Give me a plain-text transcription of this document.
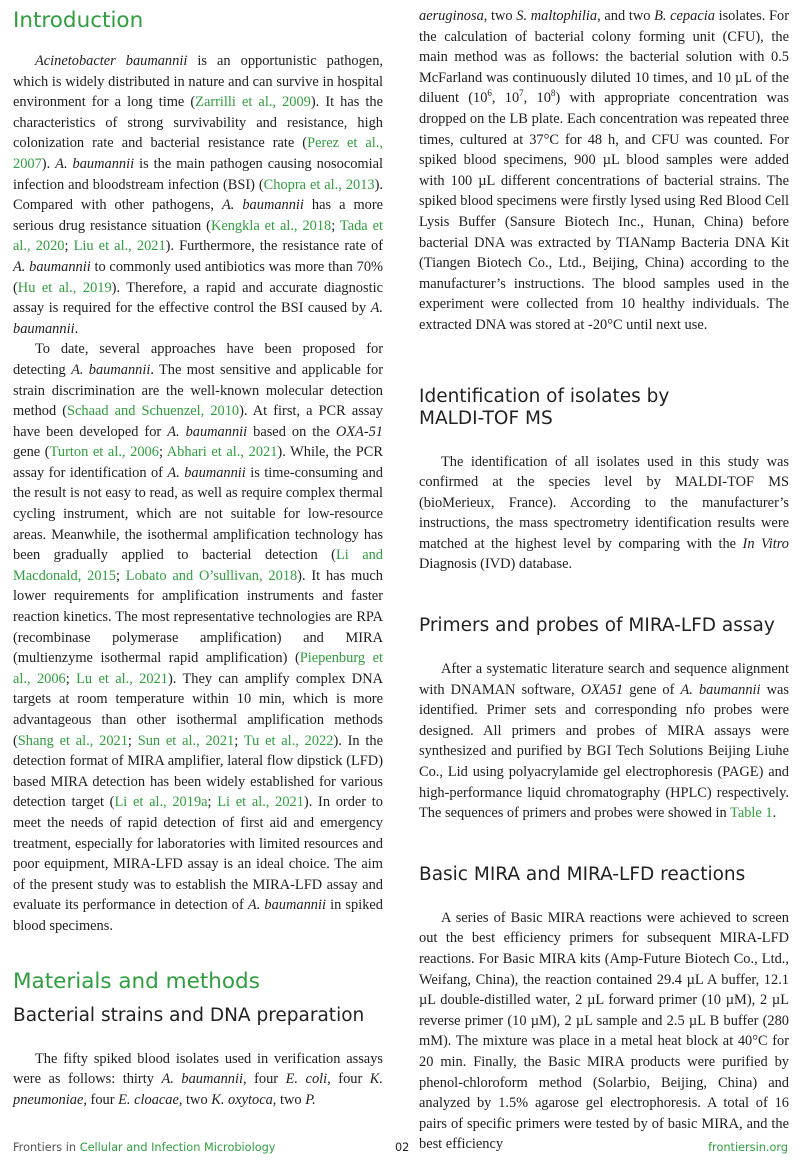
Introduction

Acinetobacter baumannii is an opportunistic pathogen, which is widely distributed in nature and can survive in hospital environment for a long time (Zarrilli et al., 2009). It has the characteristics of strong survivability and resistance, high colonization rate and bacterial resistance rate (Perez et al., 2007). A. baumannii is the main pathogen causing nosocomial infection and bloodstream infection (BSI) (Chopra et al., 2013). Compared with other pathogens, A. baumannii has a more serious drug resistance situation (Kengkla et al., 2018; Tada et al., 2020; Liu et al., 2021). Furthermore, the resistance rate of A. baumannii to commonly used antibiotics was more than 70% (Hu et al., 2019). Therefore, a rapid and accurate diagnostic assay is required for the effective control the BSI caused by A. baumannii.

To date, several approaches have been proposed for detecting A. baumannii. The most sensitive and applicable for strain discrimination are the well-known molecular detection method (Schaad and Schuenzel, 2010). At first, a PCR assay have been developed for A. baumannii based on the OXA-51 gene (Turton et al., 2006; Abhari et al., 2021). While, the PCR assay for identification of A. baumannii is time-consuming and the result is not easy to read, as well as require complex thermal cycling instrument, which are not suitable for low-resource areas. Meanwhile, the isothermal amplification technology has been gradually applied to bacterial detection (Li and Macdonald, 2015; Lobato and O’sullivan, 2018). It has much lower requirements for amplification instruments and faster reaction kinetics. The most representative technologies are RPA (recombinase polymerase amplification) and MIRA (multienzyme isothermal rapid amplification) (Piepenburg et al., 2006; Lu et al., 2021). They can amplify complex DNA targets at room temperature within 10 min, which is more advantageous than other isothermal amplification methods (Shang et al., 2021; Sun et al., 2021; Tu et al., 2022). In the detection format of MIRA amplifier, lateral flow dipstick (LFD) based MIRA detection has been widely established for various detection target (Li et al., 2019a; Li et al., 2021). In order to meet the needs of rapid detection of first aid and emergency treatment, especially for laboratories with limited resources and poor equipment, MIRA-LFD assay is an ideal choice. The aim of the present study was to establish the MIRA-LFD assay and evaluate its performance in detection of A. baumannii in spiked blood specimens.

Materials and methods
Bacterial strains and DNA preparation

The fifty spiked blood isolates used in verification assays were as follows: thirty A. baumannii, four E. coli, four K. pneumoniae, four E. cloacae, two K. oxytoca, two P.

aeruginosa, two S. maltophilia, and two B. cepacia isolates. For the calculation of bacterial colony forming unit (CFU), the main method was as follows: the bacterial solution with 0.5 McFarland was continuously diluted 10 times, and 10 µL of the diluent ($10^6$, $10^7$, $10^8$) with appropriate concentration was dropped on the LB plate. Each concentration was repeated three times, cultured at 37°C for 48 h, and CFU was counted. For spiked blood specimens, 900 µL blood samples were added with 100 µL different concentrations of bacterial strains. The spiked blood specimens were firstly lysed using Red Blood Cell Lysis Buffer (Sansure Biotech Inc., Hunan, China) before bacterial DNA was extracted by TIANamp Bacteria DNA Kit (Tiangen Biotech Co., Ltd., Beijing, China) according to the manufacturer’s instructions. The blood samples used in the experiment were collected from 10 healthy individuals. The extracted DNA was stored at -20°C until next use.

Identification of isolates by MALDI-TOF MS

The identification of all isolates used in this study was confirmed at the species level by MALDI-TOF MS (bioMerieux, France). According to the manufacturer’s instructions, the mass spectrometry identification results were matched at the highest level by comparing with the In Vitro Diagnosis (IVD) database.

Primers and probes of MIRA-LFD assay

After a systematic literature search and sequence alignment with DNAMAN software, OXA51 gene of A. baumannii was identified. Primer sets and corresponding nfo probes were designed. All primers and probes of MIRA assays were synthesized and purified by BGI Tech Solutions Beijing Liuhe Co., Lid using polyacrylamide gel electrophoresis (PAGE) and high-performance liquid chromatography (HPLC) respectively. The sequences of primers and probes were showed in Table 1.

Basic MIRA and MIRA-LFD reactions

A series of Basic MIRA reactions were achieved to screen out the best efficiency primers for subsequent MIRA-LFD reactions. For Basic MIRA kits (Amp-Future Biotech Co., Ltd., Weifang, China), the reaction contained 29.4 µL A buffer, 12.1 µL double-distilled water, 2 µL forward primer (10 µM), 2 µL reverse primer (10 µM), 2 µL sample and 2.5 µL B buffer (280 mM). The mixture was place in a metal heat block at 40°C for 20 min. Finally, the Basic MIRA products were purified by phenol-chloroform method (Solarbio, Beijing, China) and analyzed by 1.5% agarose gel electrophoresis. A total of 16 pairs of specific primers were tested by of basic MIRA, and the best efficiency

Frontiers in Cellular and Infection Microbiology	02	frontiersin.org
